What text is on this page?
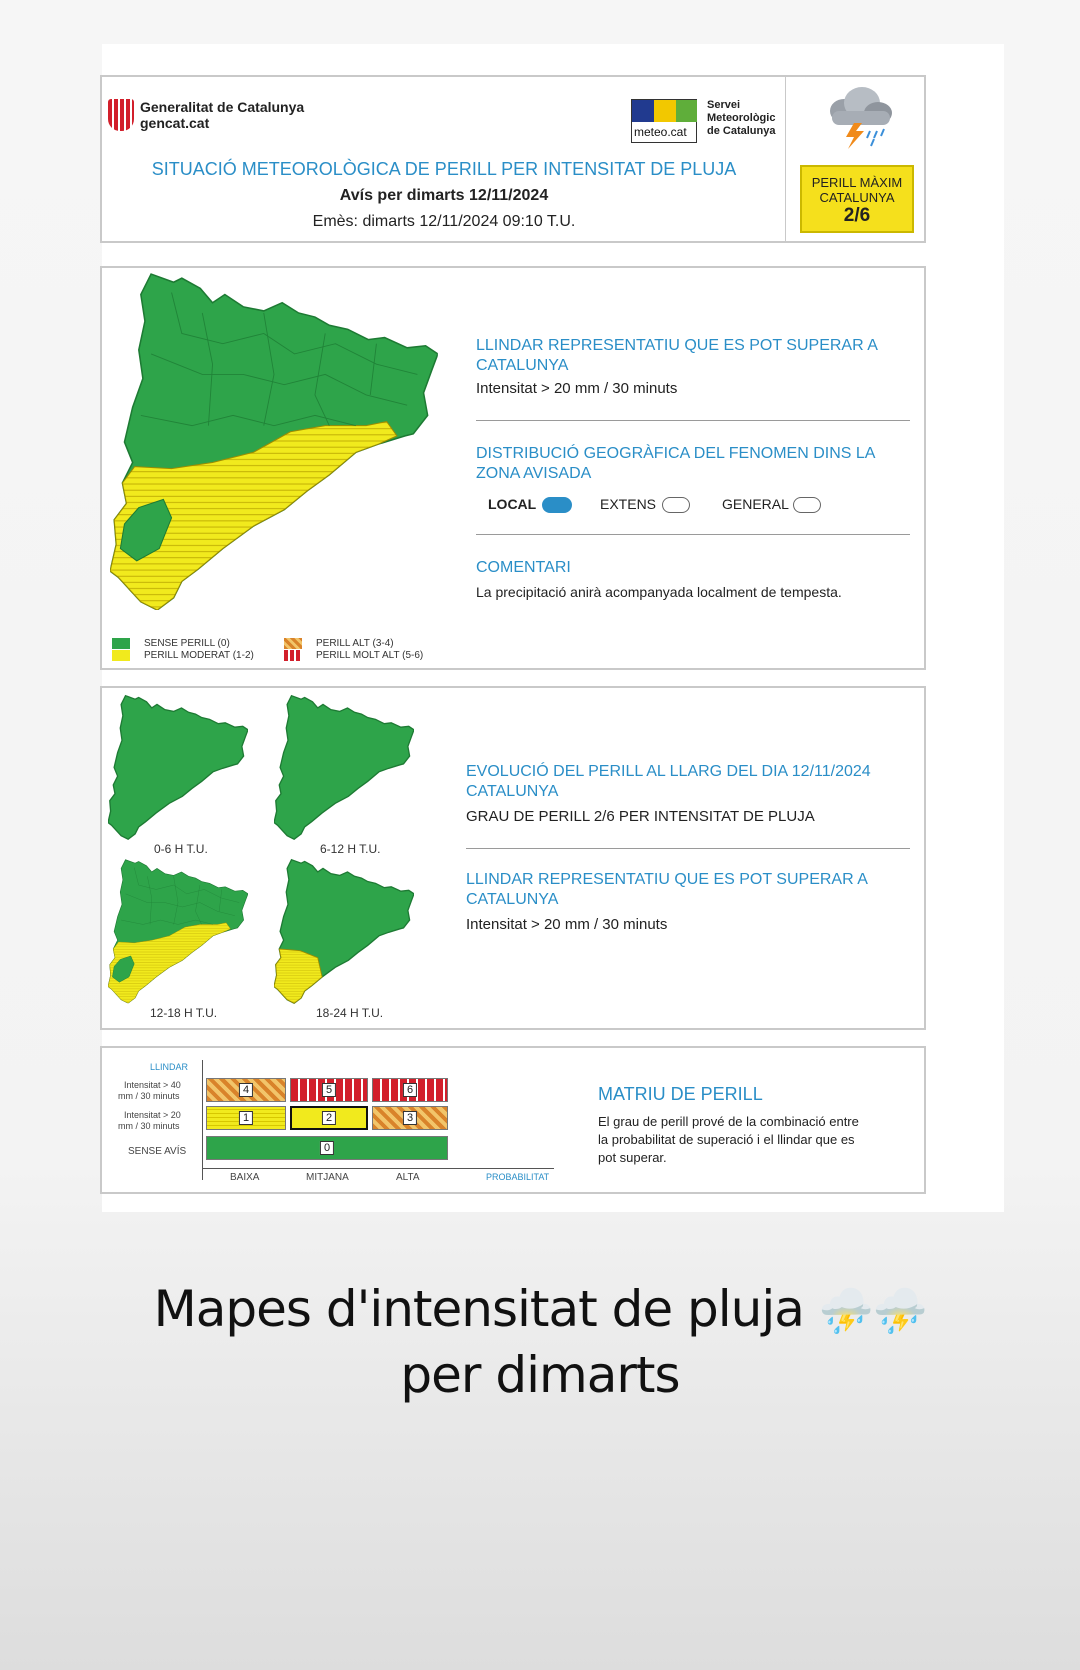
Generalitat de Catalunya
gencat.cat
meteo.cat
Servei
Meteorològic
de Catalunya
SITUACIÓ METEOROLÒGICA DE PERILL PER INTENSITAT DE PLUJA
Avís per dimarts 12/11/2024
Emès: dimarts 12/11/2024 09:10 T.U.
PERILL MÀXIM
CATALUNYA
2/6
SENSE PERILL (0)
PERILL MODERAT (1-2)
PERILL ALT (3-4)
PERILL MOLT ALT (5-6)
LLINDAR REPRESENTATIU QUE ES POT SUPERAR A CATALUNYA
Intensitat > 20 mm / 30 minuts
DISTRIBUCIÓ GEOGRÀFICA DEL FENOMEN DINS LA ZONA AVISADA
LOCAL	EXTENS	GENERAL
COMENTARI
La precipitació anirà acompanyada localment de tempesta.
0-6 H T.U.	6-12 H T.U.
12-18 H T.U.	18-24 H T.U.
EVOLUCIÓ DEL PERILL AL LLARG DEL DIA 12/11/2024 CATALUNYA
GRAU DE PERILL 2/6 PER INTENSITAT DE PLUJA
LLINDAR REPRESENTATIU QUE ES POT SUPERAR A CATALUNYA
Intensitat > 20 mm / 30 minuts
LLINDAR
Intensitat > 40
mm / 30 minuts
Intensitat > 20
mm / 30 minuts
SENSE AVÍS
4	5	6
1	2	3
0
BAIXA	MITJANA	ALTA	PROBABILITAT
MATRIU DE PERILL
El grau de perill prové de la combinació entre
la probabilitat de superació i el llindar que es
pot superar.
Mapes d'intensitat de pluja ⛈️⛈️
per dimarts
